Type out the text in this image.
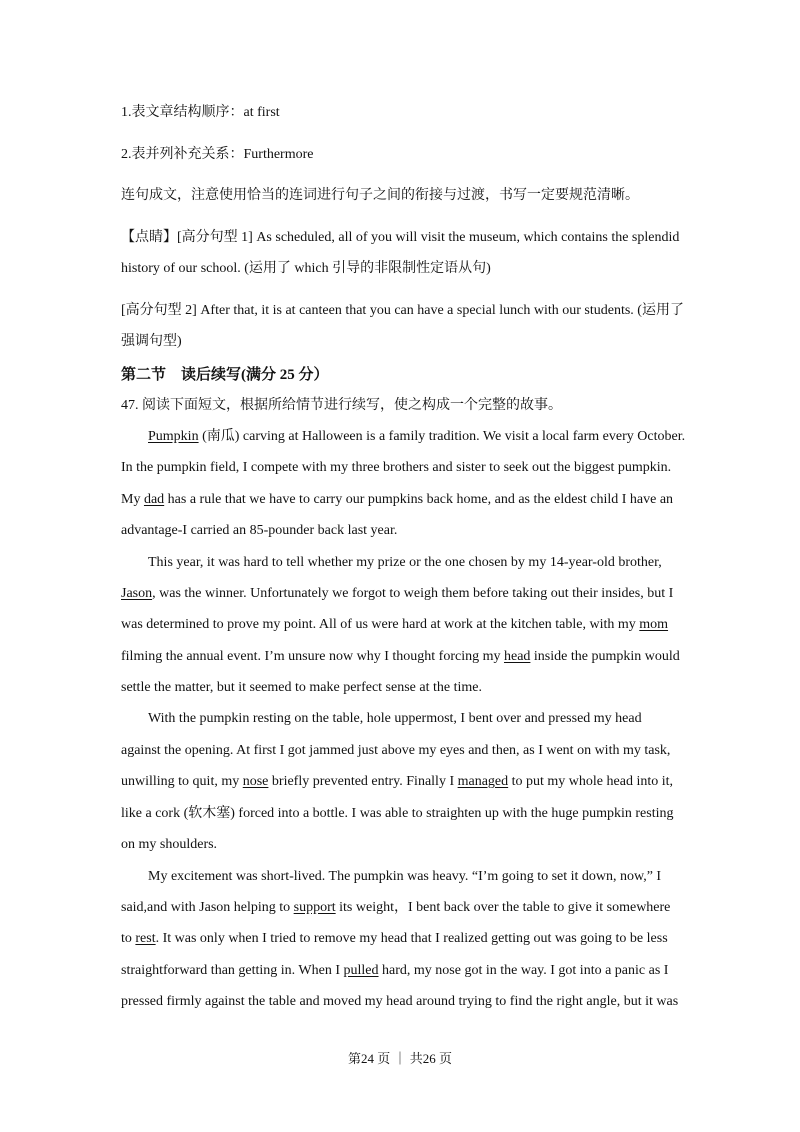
1.表文章结构顺序：at first
2.表并列补充关系：Furthermore
连句成文，注意使用恰当的连词进行句子之间的衔接与过渡，书写一定要规范清晰。
【点睛】[高分句型 1] As scheduled, all of you will visit the museum, which contains the splendid
history of our school. (运用了 which 引导的非限制性定语从句)
[高分句型 2] After that, it is at canteen that you can have a special lunch with our students. (运用了
强调句型)
第二节　读后续写(满分 25 分）
47. 阅读下面短文，根据所给情节进行续写，使之构成一个完整的故事。
Pumpkin (南瓜) carving at Halloween is a family tradition. We visit a local farm every October.
In the pumpkin field, I compete with my three brothers and sister to seek out the biggest pumpkin.
My dad has a rule that we have to carry our pumpkins back home, and as the eldest child I have an
advantage-I carried an 85-pounder back last year.
This year, it was hard to tell whether my prize or the one chosen by my 14-year-old brother,
Jason, was the winner. Unfortunately we forgot to weigh them before taking out their insides, but I
was determined to prove my point. All of us were hard at work at the kitchen table, with my mom
filming the annual event. I’m unsure now why I thought forcing my head inside the pumpkin would
settle the matter, but it seemed to make perfect sense at the time.
With the pumpkin resting on the table, hole uppermost, I bent over and pressed my head
against the opening. At first I got jammed just above my eyes and then, as I went on with my task,
unwilling to quit, my nose briefly prevented entry. Finally I managed to put my whole head into it,
like a cork (软木塞) forced into a bottle. I was able to straighten up with the huge pumpkin resting
on my shoulders.
My excitement was short-lived. The pumpkin was heavy. “I’m going to set it down, now,” I
said,and with Jason helping to support its weight，I bent back over the table to give it somewhere
to rest. It was only when I tried to remove my head that I realized getting out was going to be less
straightforward than getting in. When I pulled hard, my nose got in the way. I got into a panic as I
pressed firmly against the table and moved my head around trying to find the right angle, but it was
第24 页 ｜ 共26 页
